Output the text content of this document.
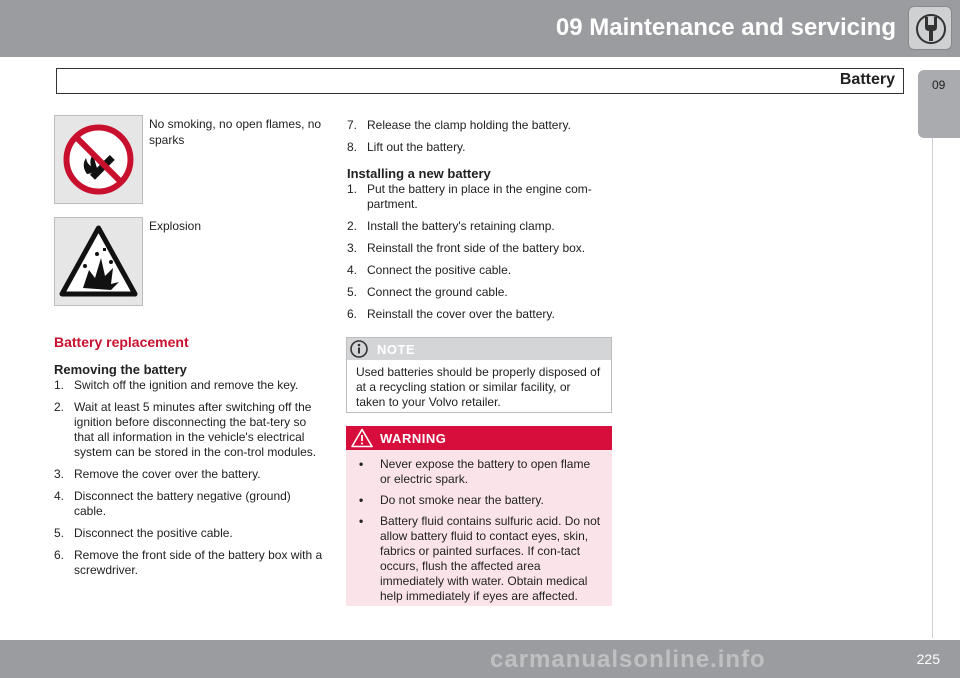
09 Maintenance and servicing
Battery	09
No smoking, no open flames, no sparks
Explosion
Battery replacement
Removing the battery
1. Switch off the ignition and remove the key.
2. Wait at least 5 minutes after switching off the ignition before disconnecting the bat-tery so that all information in the vehicle's electrical system can be stored in the con-trol modules.
3. Remove the cover over the battery.
4. Disconnect the battery negative (ground) cable.
5. Disconnect the positive cable.
6. Remove the front side of the battery box with a screwdriver.
7. Release the clamp holding the battery.
8. Lift out the battery.
Installing a new battery
1. Put the battery in place in the engine com-partment.
2. Install the battery's retaining clamp.
3. Reinstall the front side of the battery box.
4. Connect the positive cable.
5. Connect the ground cable.
6. Reinstall the cover over the battery.
NOTE
Used batteries should be properly disposed of at a recycling station or similar facility, or taken to your Volvo retailer.
WARNING
• Never expose the battery to open flame or electric spark.
• Do not smoke near the battery.
• Battery fluid contains sulfuric acid. Do not allow battery fluid to contact eyes, skin, fabrics or painted surfaces. If con-tact occurs, flush the affected area immediately with water. Obtain medical help immediately if eyes are affected.
carmanualsonline.info	225
